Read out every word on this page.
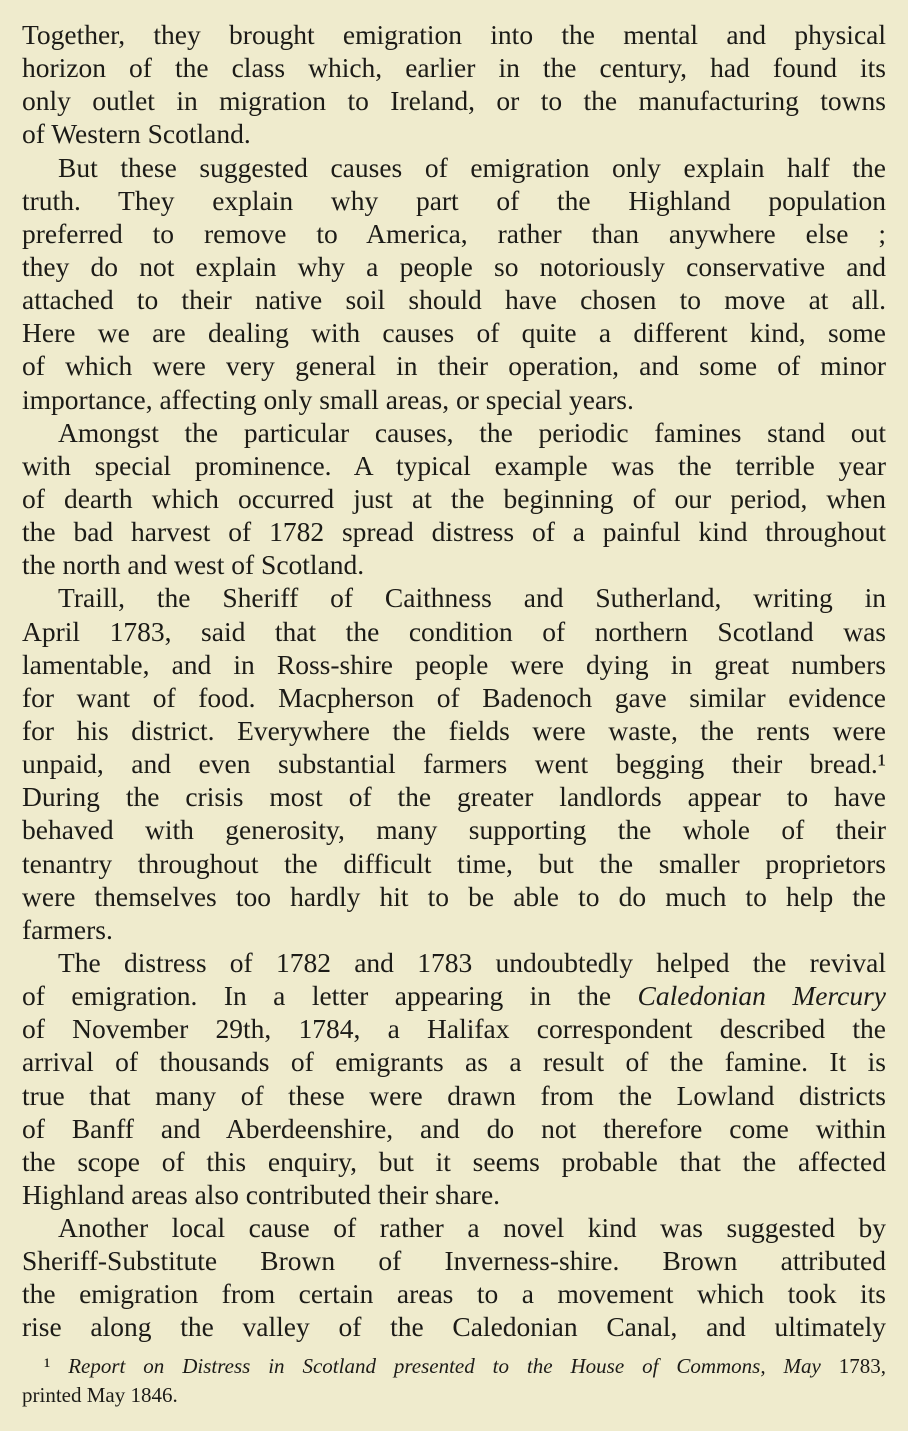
Together, they brought emigration into the mental and physical
horizon of the class which, earlier in the century, had found its
only outlet in migration to Ireland, or to the manufacturing towns
of Western Scotland.
But these suggested causes of emigration only explain half the
truth. They explain why part of the Highland population
preferred to remove to America, rather than anywhere else ;
they do not explain why a people so notoriously conservative and
attached to their native soil should have chosen to move at all.
Here we are dealing with causes of quite a different kind, some
of which were very general in their operation, and some of minor
importance, affecting only small areas, or special years.
Amongst the particular causes, the periodic famines stand out
with special prominence. A typical example was the terrible year
of dearth which occurred just at the beginning of our period, when
the bad harvest of 1782 spread distress of a painful kind throughout
the north and west of Scotland.
Traill, the Sheriff of Caithness and Sutherland, writing in
April 1783, said that the condition of northern Scotland was
lamentable, and in Ross-shire people were dying in great numbers
for want of food. Macpherson of Badenoch gave similar evidence
for his district. Everywhere the fields were waste, the rents were
unpaid, and even substantial farmers went begging their bread.¹
During the crisis most of the greater landlords appear to have
behaved with generosity, many supporting the whole of their
tenantry throughout the difficult time, but the smaller proprietors
were themselves too hardly hit to be able to do much to help the
farmers.
The distress of 1782 and 1783 undoubtedly helped the revival
of emigration. In a letter appearing in the Caledonian Mercury
of November 29th, 1784, a Halifax correspondent described the
arrival of thousands of emigrants as a result of the famine. It is
true that many of these were drawn from the Lowland districts
of Banff and Aberdeenshire, and do not therefore come within
the scope of this enquiry, but it seems probable that the affected
Highland areas also contributed their share.
Another local cause of rather a novel kind was suggested by
Sheriff-Substitute Brown of Inverness-shire. Brown attributed
the emigration from certain areas to a movement which took its
rise along the valley of the Caledonian Canal, and ultimately
¹ Report on Distress in Scotland presented to the House of Commons, May 1783,
printed May 1846.
